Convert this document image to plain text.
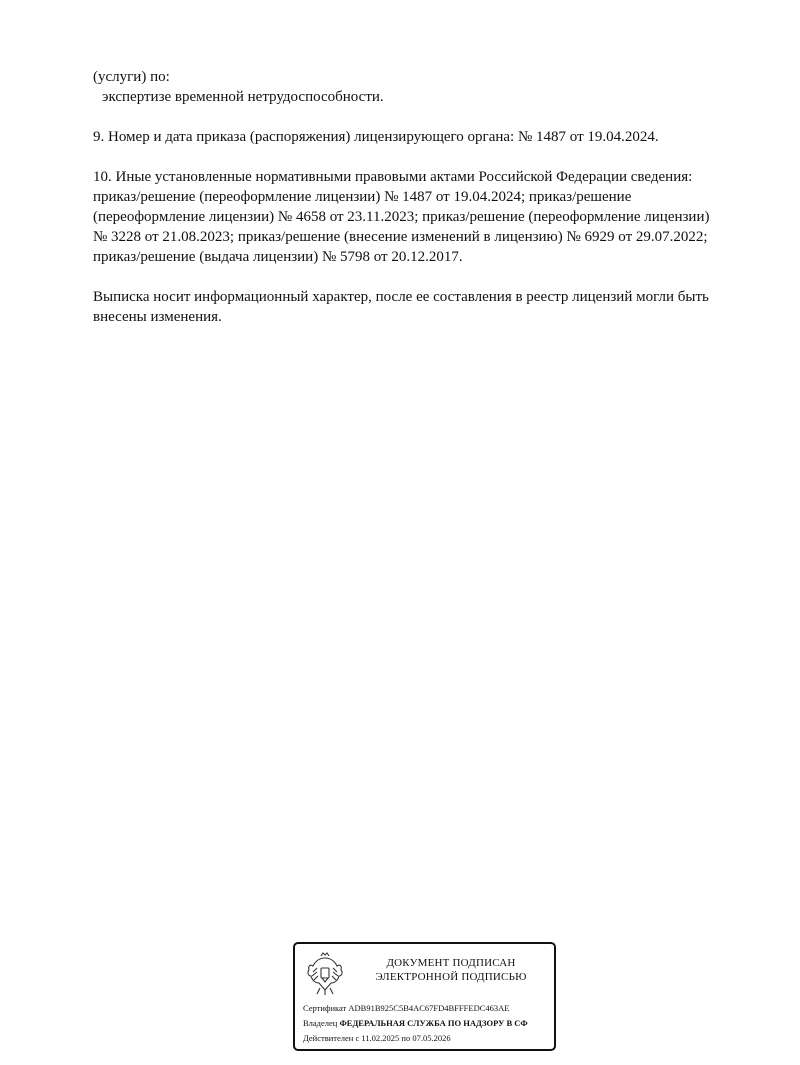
(услуги) по:

экспертизе временной нетрудоспособности.

9. Номер и дата приказа (распоряжения) лицензирующего органа: № 1487 от 19.04.2024.

10. Иные установленные нормативными правовыми актами Российской Федерации сведения:

приказ/решение (переоформление лицензии) № 1487 от 19.04.2024; приказ/решение

(переоформление лицензии) № 4658 от 23.11.2023; приказ/решение (переоформление лицензии)

№ 3228 от 21.08.2023; приказ/решение (внесение изменений в лицензию) № 6929 от 29.07.2022;

приказ/решение (выдача лицензии) № 5798 от 20.12.2017.

Выписка носит информационный характер, после ее составления в реестр лицензий могли быть

внесены изменения.

ДОКУМЕНТ ПОДПИСАН
ЭЛЕКТРОННОЙ ПОДПИСЬЮ
Сертификат ADB91B925C5B4AC67FD4BFFFEDC463AE
Владелец ФЕДЕРАЛЬНАЯ СЛУЖБА ПО НАДЗОРУ В СФ
Действителен с 11.02.2025 по 07.05.2026
